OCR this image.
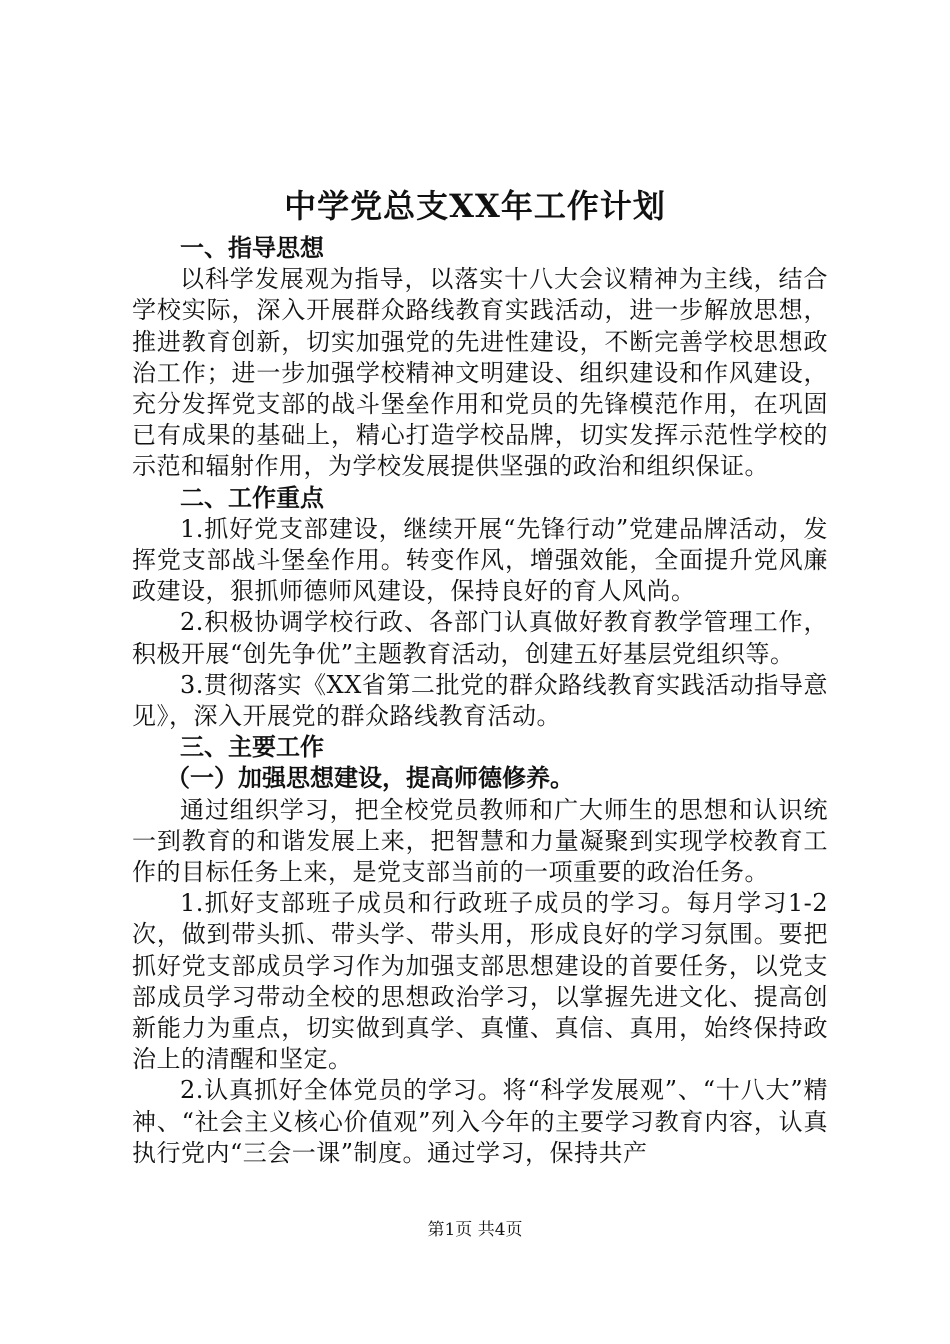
中学党总支XX年工作计划

一、指导思想

以科学发展观为指导，以落实十八大会议精神为主线，结合学校实际，深入开展群众路线教育实践活动，进一步解放思想，推进教育创新，切实加强党的先进性建设，不断完善学校思想政治工作；进一步加强学校精神文明建设、组织建设和作风建设，充分发挥党支部的战斗堡垒作用和党员的先锋模范作用，在巩固已有成果的基础上，精心打造学校品牌，切实发挥示范性学校的示范和辐射作用，为学校发展提供坚强的政治和组织保证。

二、工作重点

1.抓好党支部建设，继续开展“先锋行动”党建品牌活动，发挥党支部战斗堡垒作用。转变作风，增强效能，全面提升党风廉政建设，狠抓师德师风建设，保持良好的育人风尚。

2.积极协调学校行政、各部门认真做好教育教学管理工作，积极开展“创先争优”主题教育活动，创建五好基层党组织等。

3.贯彻落实《XX省第二批党的群众路线教育实践活动指导意见》，深入开展党的群众路线教育活动。

三、主要工作

（一）加强思想建设，提高师德修养。

通过组织学习，把全校党员教师和广大师生的思想和认识统一到教育的和谐发展上来，把智慧和力量凝聚到实现学校教育工作的目标任务上来，是党支部当前的一项重要的政治任务。

1.抓好支部班子成员和行政班子成员的学习。每月学习1-2次，做到带头抓、带头学、带头用，形成良好的学习氛围。要把抓好党支部成员学习作为加强支部思想建设的首要任务，以党支部成员学习带动全校的思想政治学习，以掌握先进文化、提高创新能力为重点，切实做到真学、真懂、真信、真用，始终保持政治上的清醒和坚定。

2.认真抓好全体党员的学习。将“科学发展观”、“十八大”精神、“社会主义核心价值观”列入今年的主要学习教育内容，认真执行党内“三会一课”制度。通过学习，保持共产

第1页 共4页
